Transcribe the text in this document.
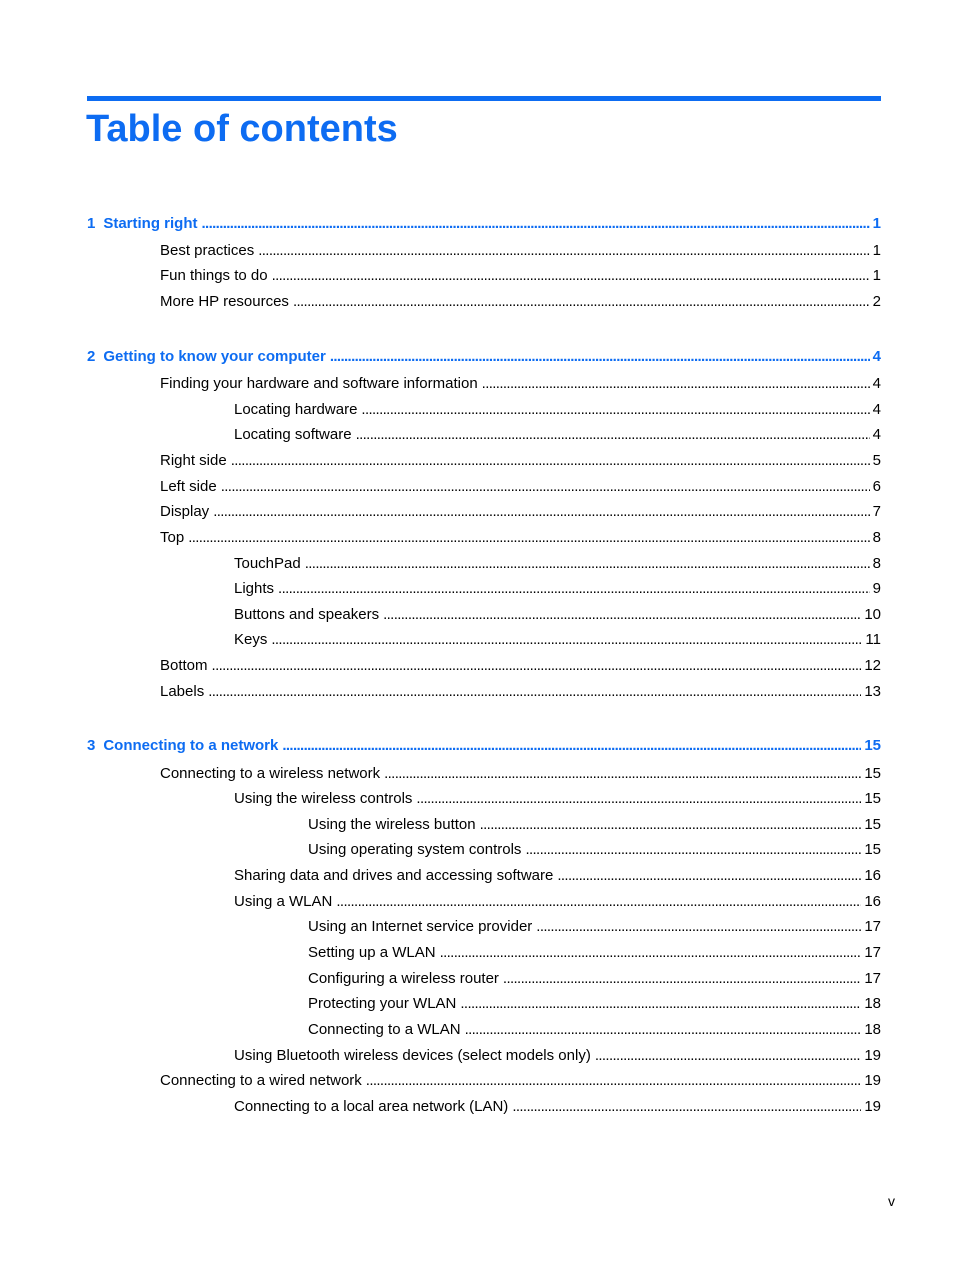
Table of contents
1 Starting right . . .	1
Best practices . . .	1
Fun things to do . . .	1
More HP resources . . .	2
2 Getting to know your computer . . .	4
Finding your hardware and software information . . .	4
Locating hardware . . .	4
Locating software . . .	4
Right side . . .	5
Left side . . .	6
Display . . .	7
Top . . .	8
TouchPad . . .	8
Lights . . .	9
Buttons and speakers . . .	10
Keys . . .	11
Bottom . . .	12
Labels . . .	13
3 Connecting to a network . . .	15
Connecting to a wireless network . . .	15
Using the wireless controls . . .	15
Using the wireless button . . .	15
Using operating system controls . . .	15
Sharing data and drives and accessing software . . .	16
Using a WLAN . . .	16
Using an Internet service provider . . .	17
Setting up a WLAN . . .	17
Configuring a wireless router . . .	17
Protecting your WLAN . . .	18
Connecting to a WLAN . . .	18
Using Bluetooth wireless devices (select models only) . . .	19
Connecting to a wired network . . .	19
Connecting to a local area network (LAN) . . .	19
v
